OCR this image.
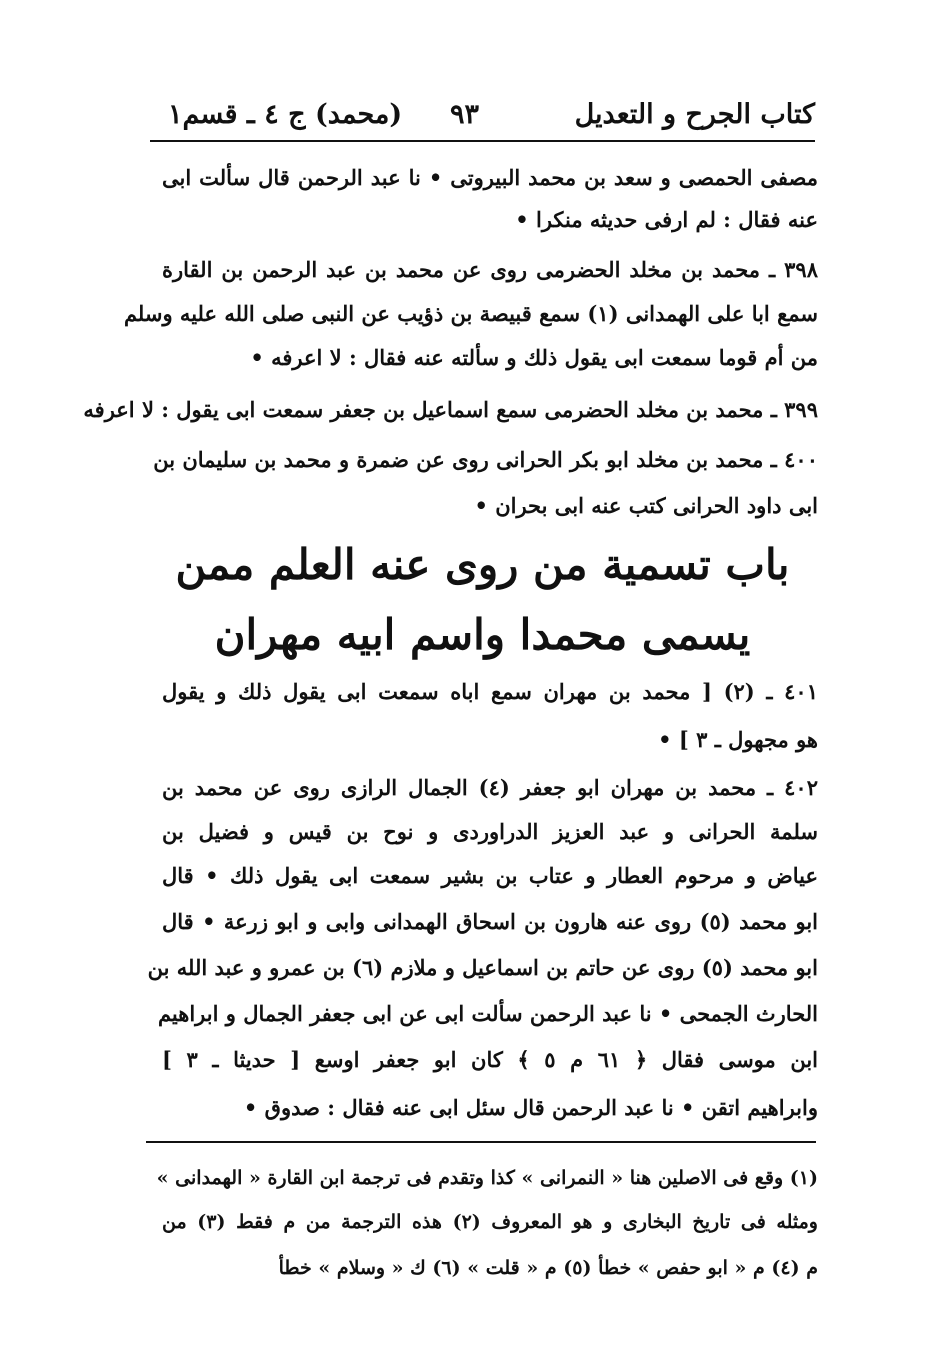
كتاب الجرح و التعديل
٩٣
(محمد) ج ٤ ـ قسم١
مصفى الحمصى و سعد بن محمد البيروتى • نا عبد الرحمن قال سألت ابى
عنه فقال : لم ارفى حديثه منكرا •
٣٩٨ ـ محمد بن مخلد الحضرمى روى عن محمد بن عبد الرحمن بن القارة
سمع ابا على الهمدانى (١) سمع قبيصة بن ذؤيب عن النبى صلى الله عليه وسلم
من أم قوما سمعت ابى يقول ذلك و سألته عنه فقال : لا اعرفه •
٣٩٩ ـ محمد بن مخلد الحضرمى سمع اسماعيل بن جعفر سمعت ابى يقول : لا اعرفه
٤٠٠ ـ محمد بن مخلد ابو بكر الحرانى روى عن ضمرة و محمد بن سليمان بن
ابى داود الحرانى كتب عنه ابى بحران •
باب تسمية من روى عنه العلم ممن
يسمى محمدا واسم ابيه مهران
٤٠١ ـ (٢) [ محمد بن مهران سمع اباه سمعت ابى يقول ذلك و يقول
هو مجهول ـ ٣ ] •
٤٠٢ ـ محمد بن مهران ابو جعفر (٤) الجمال الرازى روى عن محمد بن
سلمة الحرانى و عبد العزيز الدراوردى و نوح بن قيس و فضيل بن
عياض و مرحوم العطار و عتاب بن بشير سمعت ابى يقول ذلك • قال
ابو محمد (٥) روى عنه هارون بن اسحاق الهمدانى وابى و ابو زرعة • قال
ابو محمد (٥) روى عن حاتم بن اسماعيل و ملازم (٦) بن عمرو و عبد الله بن
الحارث الجمحى • نا عبد الرحمن سألت ابى عن ابى جعفر الجمال و ابراهيم
ابن موسى فقال ﴿ ٦١ م ٥ ﴾ كان ابو جعفر اوسع [ حديثا ـ ٣ ]
وابراهيم اتقن • نا عبد الرحمن قال سئل ابى عنه فقال : صدوق •
(١) وقع فى الاصلين هنا « النمرانى » كذا وتقدم فى ترجمة ابن القارة « الهمدانى »
ومثله فى تاريخ البخارى و هو المعروف (٢) هذه الترجمة من م فقط (٣) من
م (٤) م « ابو حفص » خطأ (٥) م « قلت » (٦) ك « وسلام » خطأ
